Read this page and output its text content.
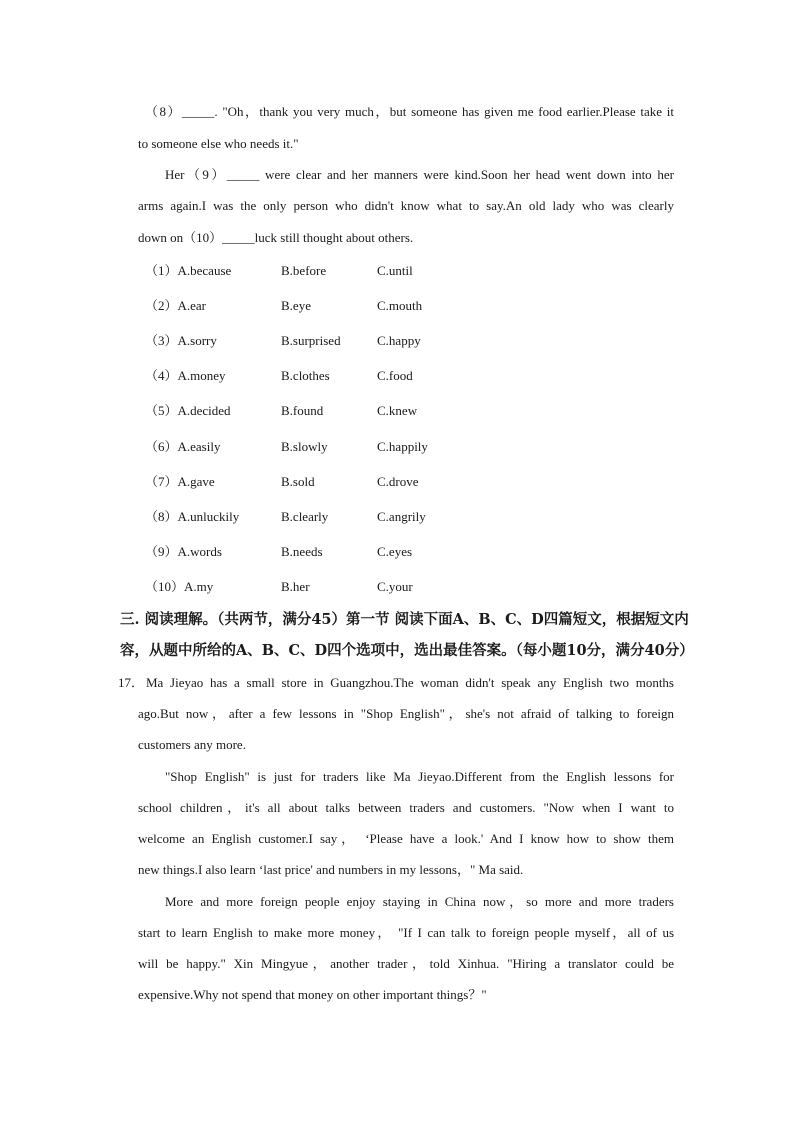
（8）_____. "Oh，thank you very much，but someone has given me food earlier.Please take it
to someone else who needs it."
Her（9）_____ were clear and her manners were kind.Soon her head went down into her
arms again.I was the only person who didn't know what to say.An old lady who was clearly
down on（10）_____luck still thought about others.
（1）A.because	B.before	C.until
（2）A.ear	B.eye	C.mouth
（3）A.sorry	B.surprised	C.happy
（4）A.money	B.clothes	C.food
（5）A.decided	B.found	C.knew
（6）A.easily	B.slowly	C.happily
（7）A.gave	B.sold	C.drove
（8）A.unluckily	B.clearly	C.angrily
（9）A.words	B.needs	C.eyes
（10）A.my	B.her	C.your
三. 阅读理解。（共两节，满分45）第一节 阅读下面A、B、C、D四篇短文，根据短文内
容，从题中所给的A、B、C、D四个选项中，选出最佳答案。（每小题10分，满分40分）
17． Ma Jieyao has a small store in Guangzhou.The woman didn't speak any English two months
ago.But now，after a few lessons in "Shop English"，she's not afraid of talking to foreign
customers any more.
"Shop English" is just for traders like Ma Jieyao.Different from the English lessons for
school children，it's all about talks between traders and customers. "Now when I want to
welcome an English customer.I say， ‘Please have a look.' And I know how to show them
new things.I also learn ‘last price' and numbers in my lessons，" Ma said.
More and more foreign people enjoy staying in China now，so more and more traders
start to learn English to make more money， "If I can talk to foreign people myself，all of us
will be happy." Xin Mingyue，another trader，told Xinhua. "Hiring a translator could be
expensive.Why not spend that money on other important things？"
